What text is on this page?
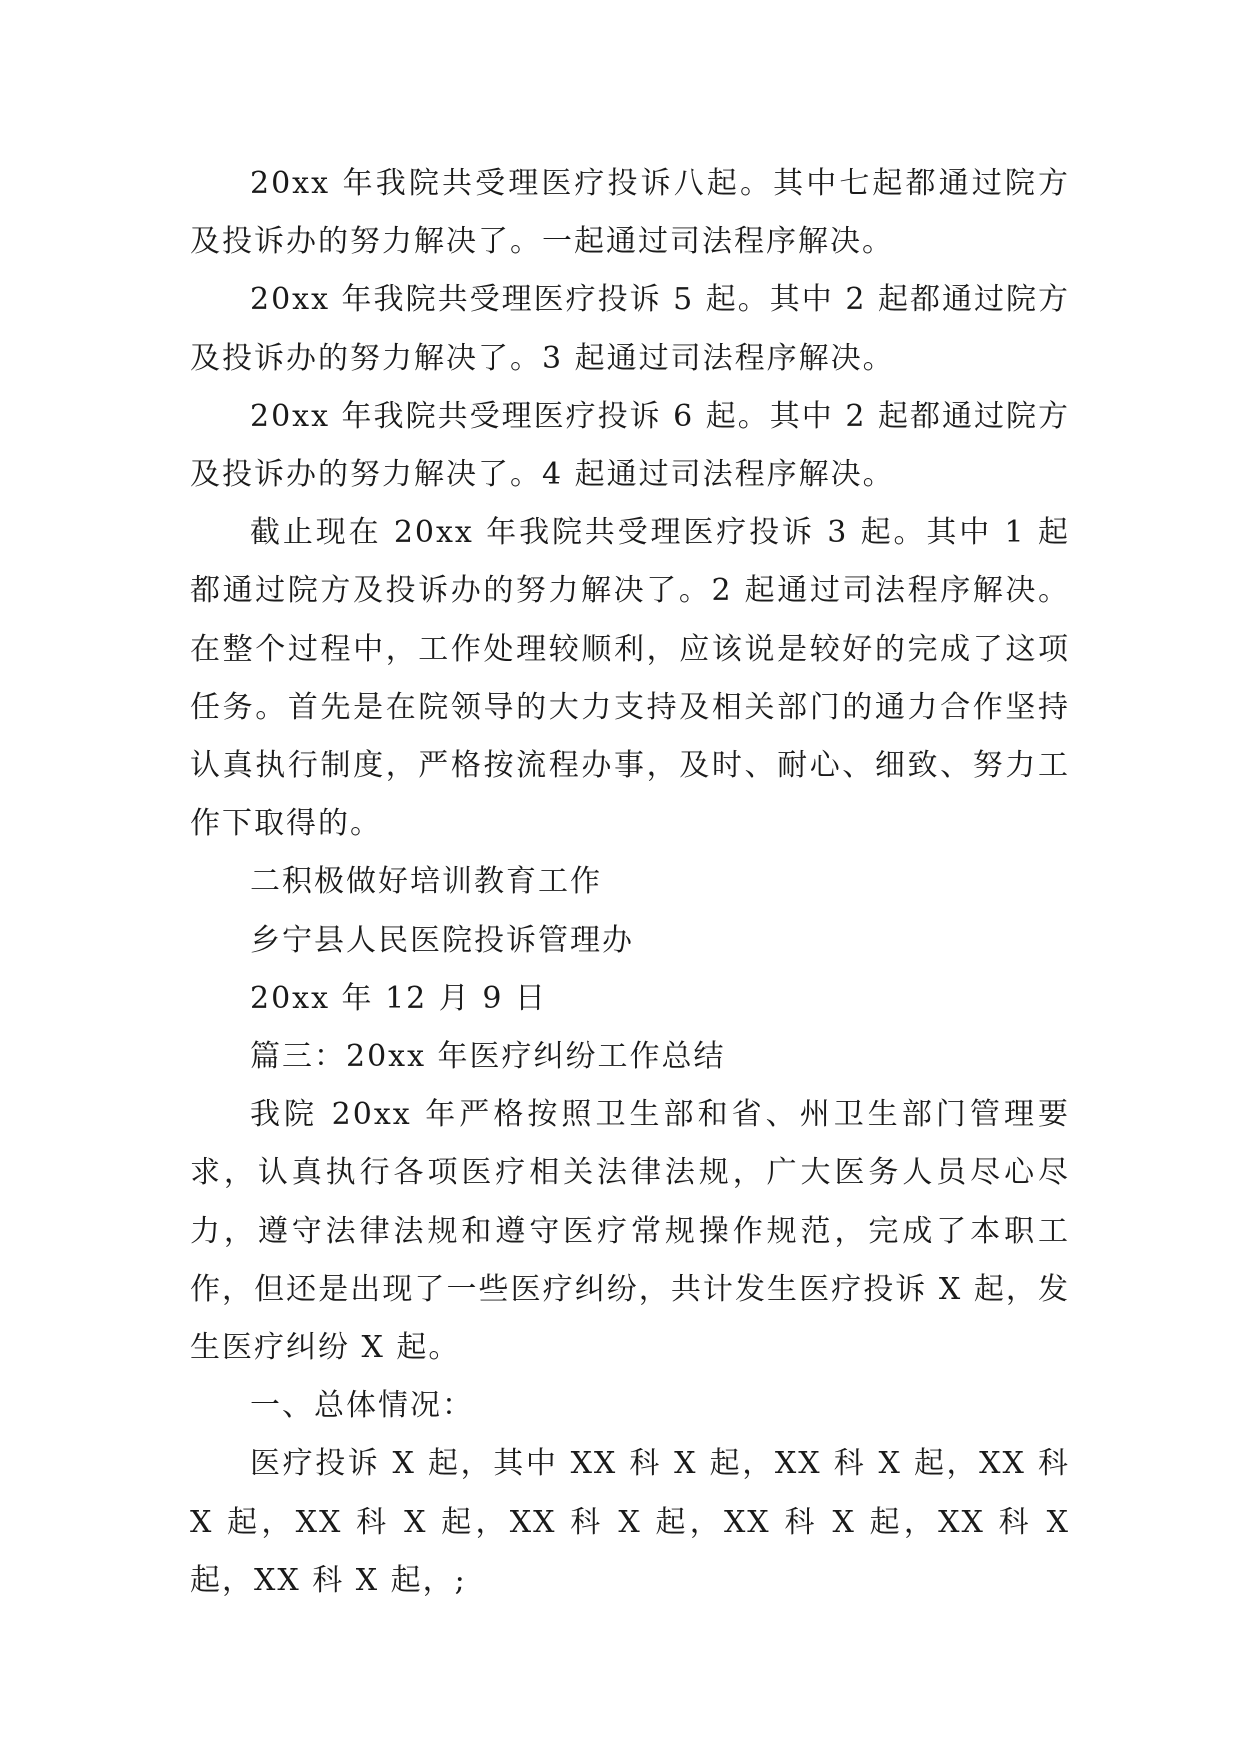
20xx 年我院共受理医疗投诉八起。其中七起都通过院方及投诉办的努力解决了。一起通过司法程序解决。

20xx 年我院共受理医疗投诉 5 起。其中 2 起都通过院方及投诉办的努力解决了。3 起通过司法程序解决。

20xx 年我院共受理医疗投诉 6 起。其中 2 起都通过院方及投诉办的努力解决了。4 起通过司法程序解决。

截止现在 20xx 年我院共受理医疗投诉 3 起。其中 1 起都通过院方及投诉办的努力解决了。2 起通过司法程序解决。在整个过程中，工作处理较顺利，应该说是较好的完成了这项任务。首先是在院领导的大力支持及相关部门的通力合作坚持认真执行制度，严格按流程办事，及时、耐心、细致、努力工作下取得的。

二积极做好培训教育工作

乡宁县人民医院投诉管理办

20xx 年 12 月 9 日

篇三：20xx 年医疗纠纷工作总结

我院 20xx 年严格按照卫生部和省、州卫生部门管理要求，认真执行各项医疗相关法律法规，广大医务人员尽心尽力，遵守法律法规和遵守医疗常规操作规范，完成了本职工作，但还是出现了一些医疗纠纷，共计发生医疗投诉 X 起，发生医疗纠纷 X 起。

一、总体情况：

医疗投诉 X 起，其中 XX 科 X 起，XX 科 X 起，XX 科 X 起，XX 科 X 起，XX 科 X 起，XX 科 X 起，XX 科 X 起，XX 科 X 起，;
